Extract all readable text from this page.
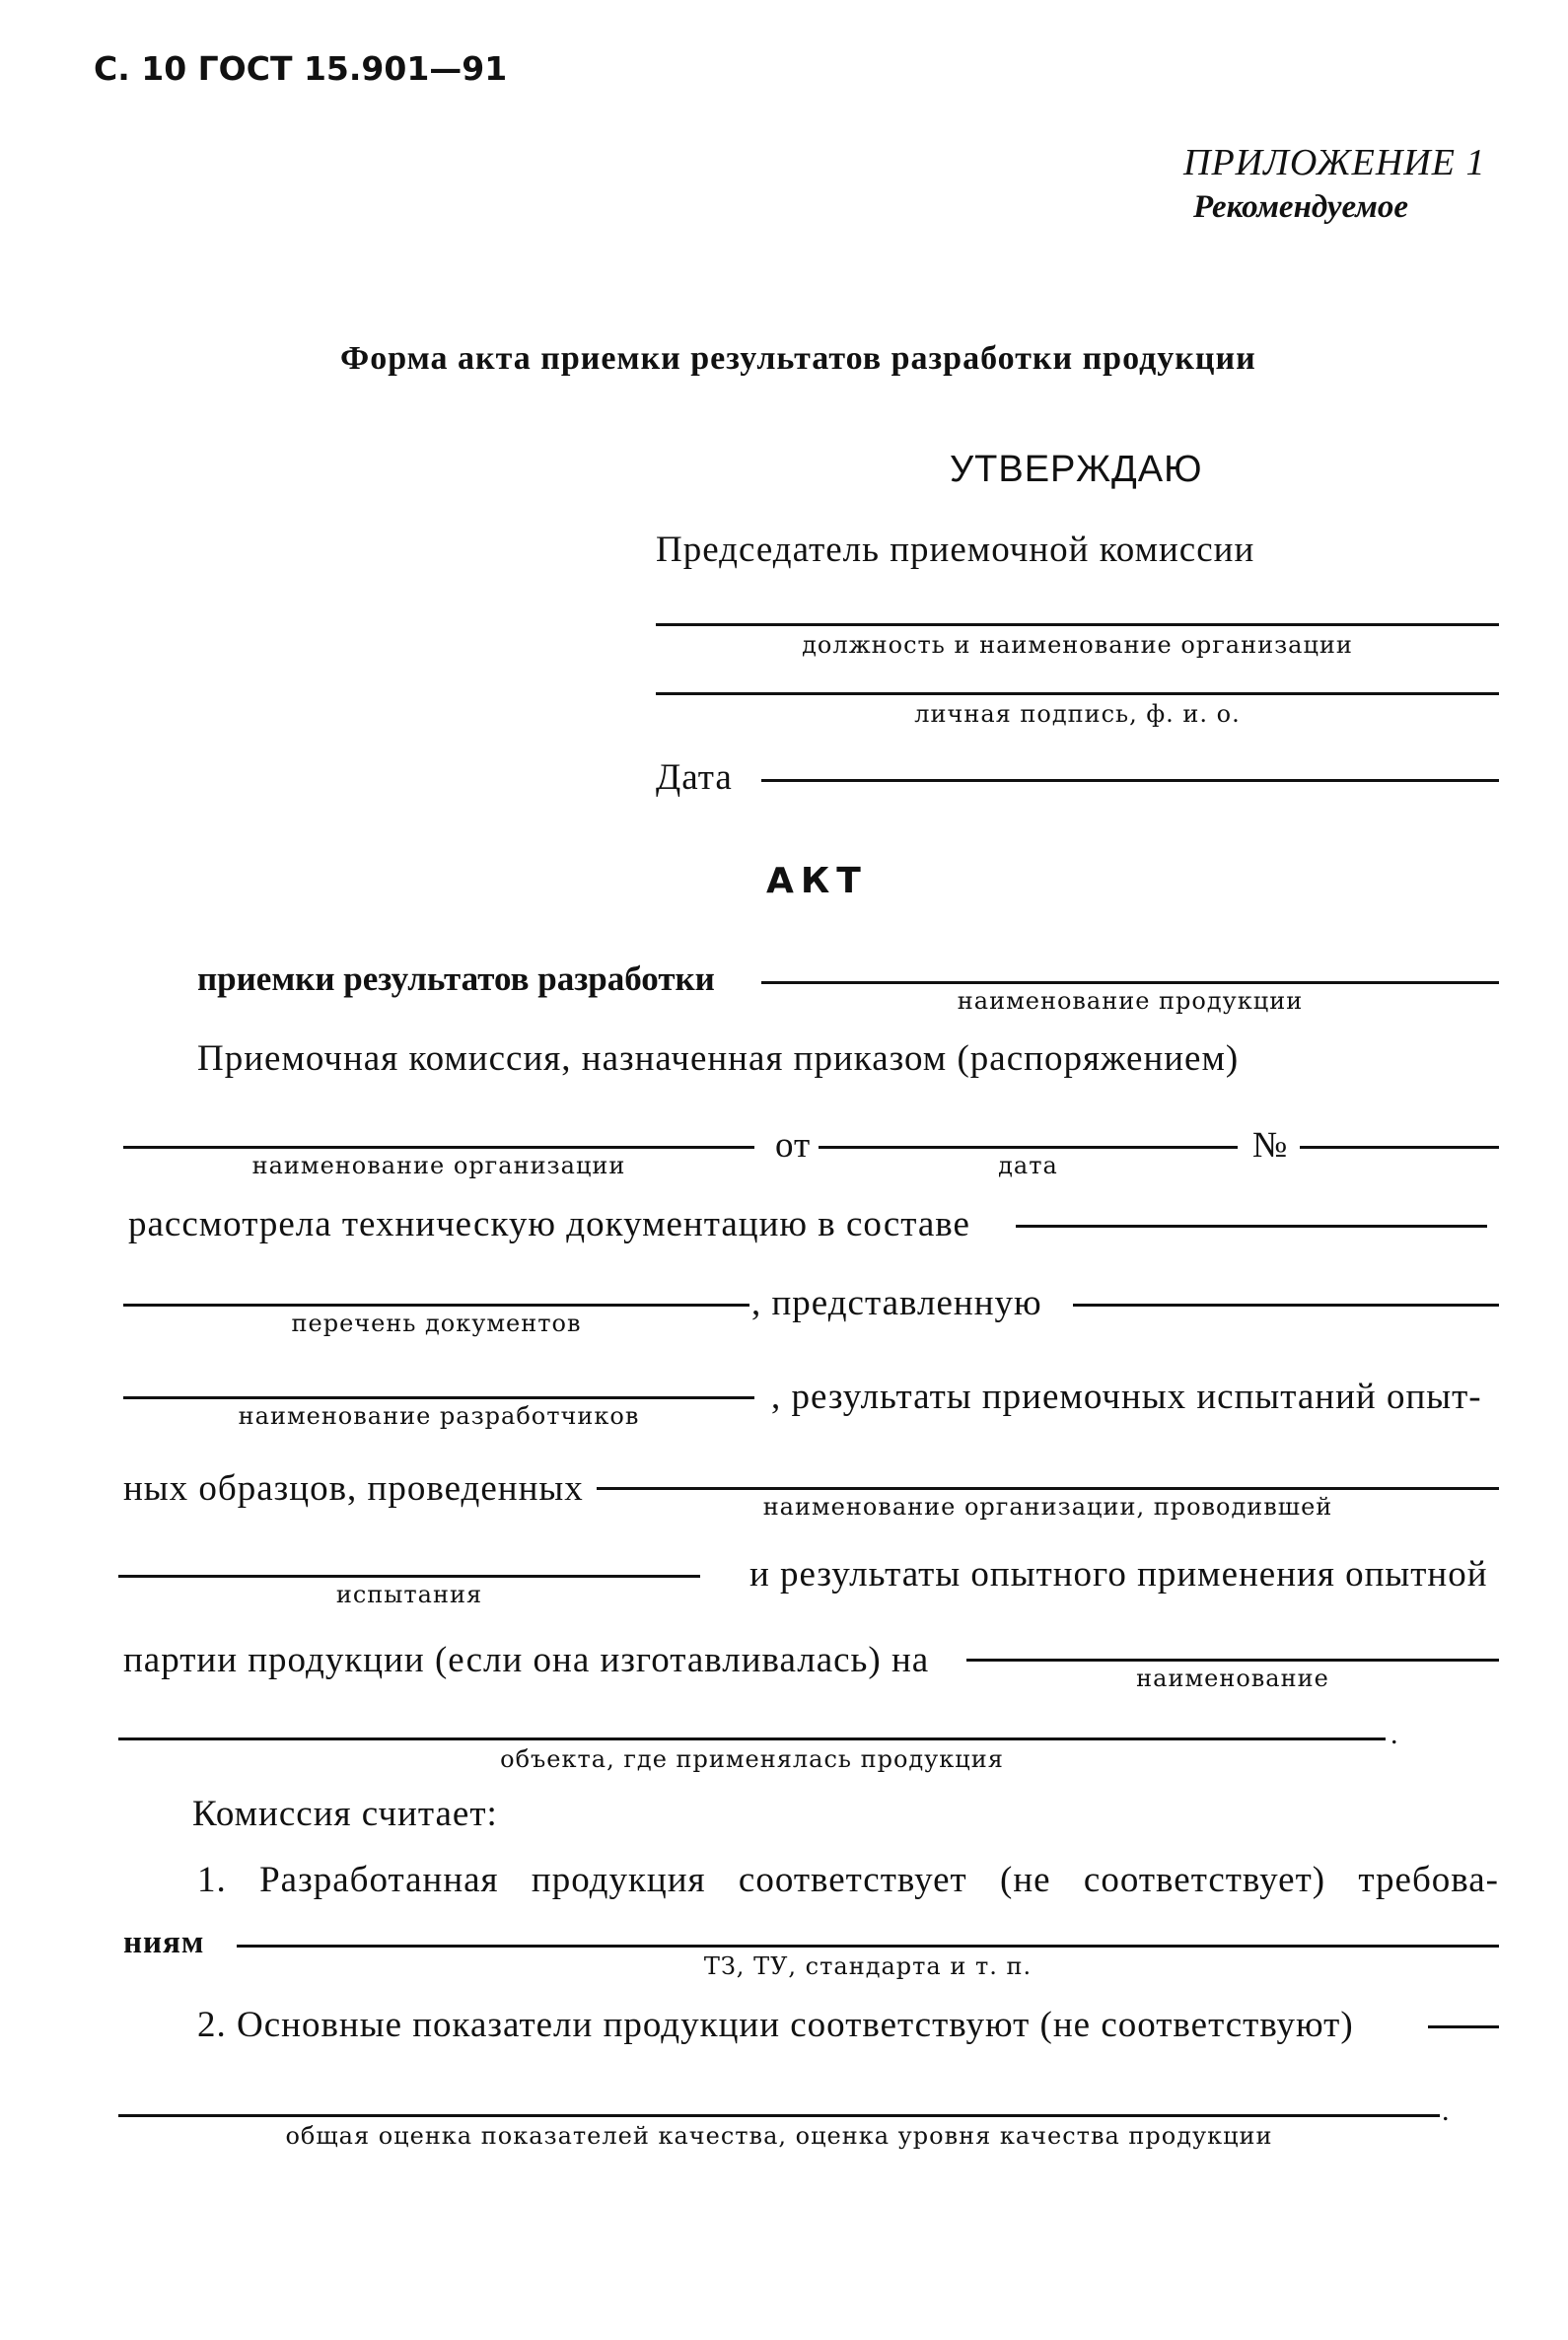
С. 10 ГОСТ 15.901—91
ПРИЛОЖЕНИЕ 1
Рекомендуемое
Форма акта приемки результатов разработки продукции
УТВЕРЖДАЮ
Председатель приемочной комиссии
должность и наименование организации
личная подпись, ф. и. о.
Дата
АКТ
приемки результатов разработки
наименование продукции
Приемочная комиссия, назначенная приказом (распоряжением)
наименование организации	от	дата	№
рассмотрела техническую документацию в составе
перечень документов	, представленную
наименование разработчиков	, результаты приемочных испытаний опыт-
ных образцов, проведенных	наименование организации, проводившей
испытания	и результаты опытного применения опытной
партии продукции (если она изготавливалась) на	наименование
.
объекта, где применялась продукция
Комиссия считает:
1. Разработанная продукция соответствует (не соответствует) требова-
ниям
ТЗ, ТУ, стандарта и т. п.
2. Основные показатели продукции соответствуют (не соответствуют)
.
общая оценка показателей качества, оценка уровня качества продукции
